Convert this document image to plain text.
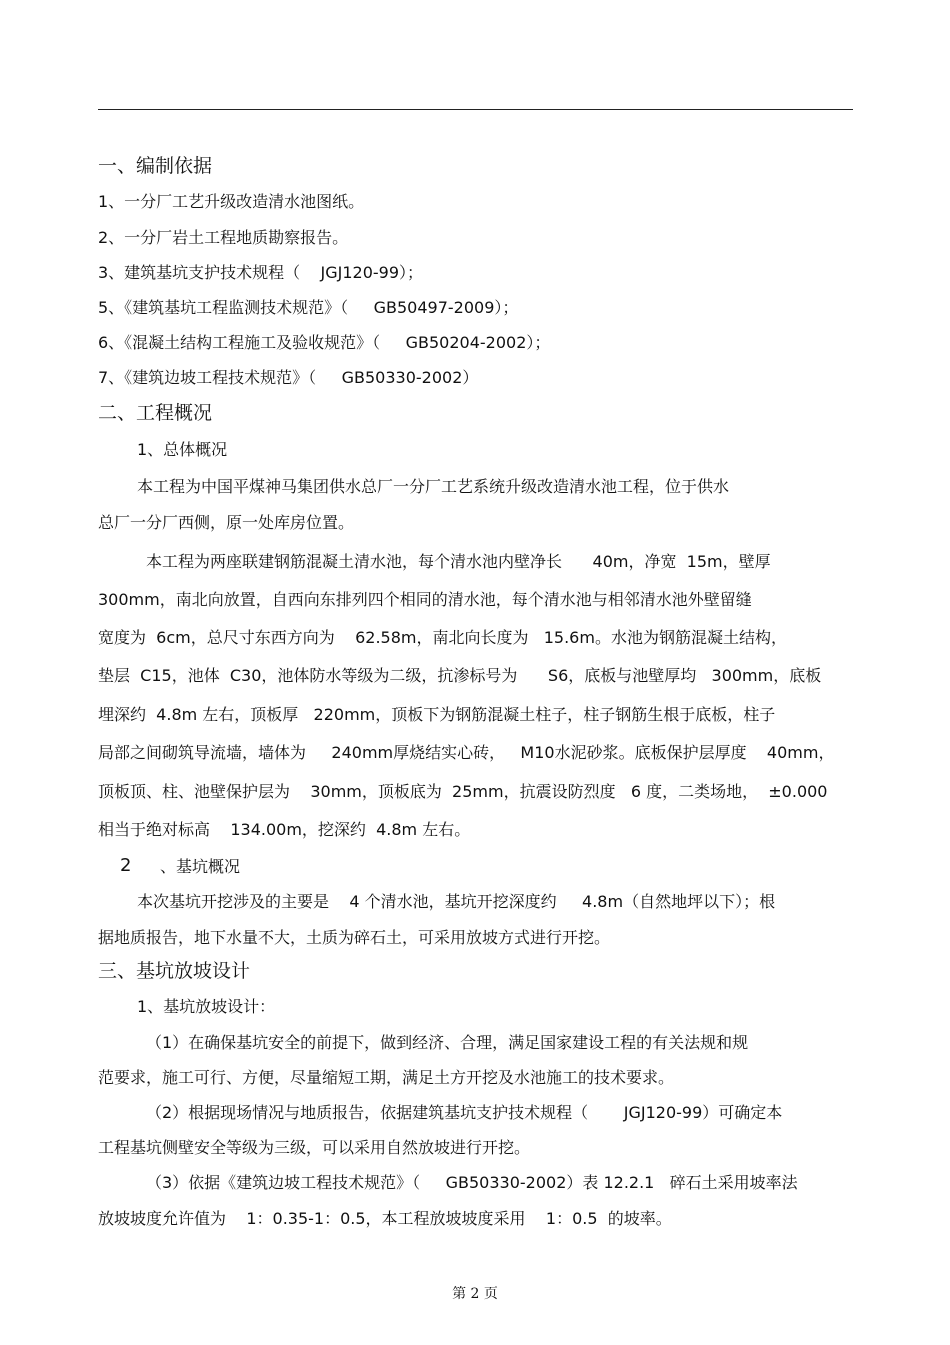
一、编制依据
1、一分厂工艺升级改造清水池图纸。
2、一分厂岩土工程地质勘察报告。
3、建筑基坑支护技术规程（    JGJ120-99）；
5、《建筑基坑工程监测技术规范》（     GB50497-2009）；
6、《混凝土结构工程施工及验收规范》（     GB50204-2002）；
7、《建筑边坡工程技术规范》（     GB50330-2002）
二、工程概况
1、总体概况
本工程为中国平煤神马集团供水总厂一分厂工艺系统升级改造清水池工程，位于供水
总厂一分厂西侧，原一处库房位置。
本工程为两座联建钢筋混凝土清水池，每个清水池内壁净长      40m，净宽  15m，壁厚
300mm，南北向放置，自西向东排列四个相同的清水池，每个清水池与相邻清水池外壁留缝
宽度为  6cm，总尺寸东西方向为    62.58m，南北向长度为   15.6m。水池为钢筋混凝土结构，
垫层  C15，池体  C30，池体防水等级为二级，抗渗标号为      S6，底板与池壁厚均   300mm，底板
埋深约  4.8m 左右，顶板厚   220mm，顶板下为钢筋混凝土柱子，柱子钢筋生根于底板，柱子
局部之间砌筑导流墙，墙体为     240mm厚烧结实心砖，   M10水泥砂浆。底板保护层厚度    40mm，
顶板顶、柱、池壁保护层为    30mm，顶板底为  25mm，抗震设防烈度   6 度，二类场地，  ±0.000
相当于绝对标高    134.00m，挖深约  4.8m 左右。
2 、基坑概况
本次基坑开挖涉及的主要是    4 个清水池，基坑开挖深度约     4.8m（自然地坪以下）；根
据地质报告，地下水量不大，土质为碎石土，可采用放坡方式进行开挖。
三、基坑放坡设计
1、基坑放坡设计：
（1）在确保基坑安全的前提下，做到经济、合理，满足国家建设工程的有关法规和规
范要求，施工可行、方便，尽量缩短工期，满足土方开挖及水池施工的技术要求。
（2）根据现场情况与地质报告，依据建筑基坑支护技术规程（       JGJ120-99）可确定本
工程基坑侧壁安全等级为三级，可以采用自然放坡进行开挖。
（3）依据《建筑边坡工程技术规范》（     GB50330-2002）表 12.2.1   碎石土采用坡率法
放坡坡度允许值为    1：0.35-1：0.5，本工程放坡坡度采用    1：0.5  的坡率。
第 2 页
